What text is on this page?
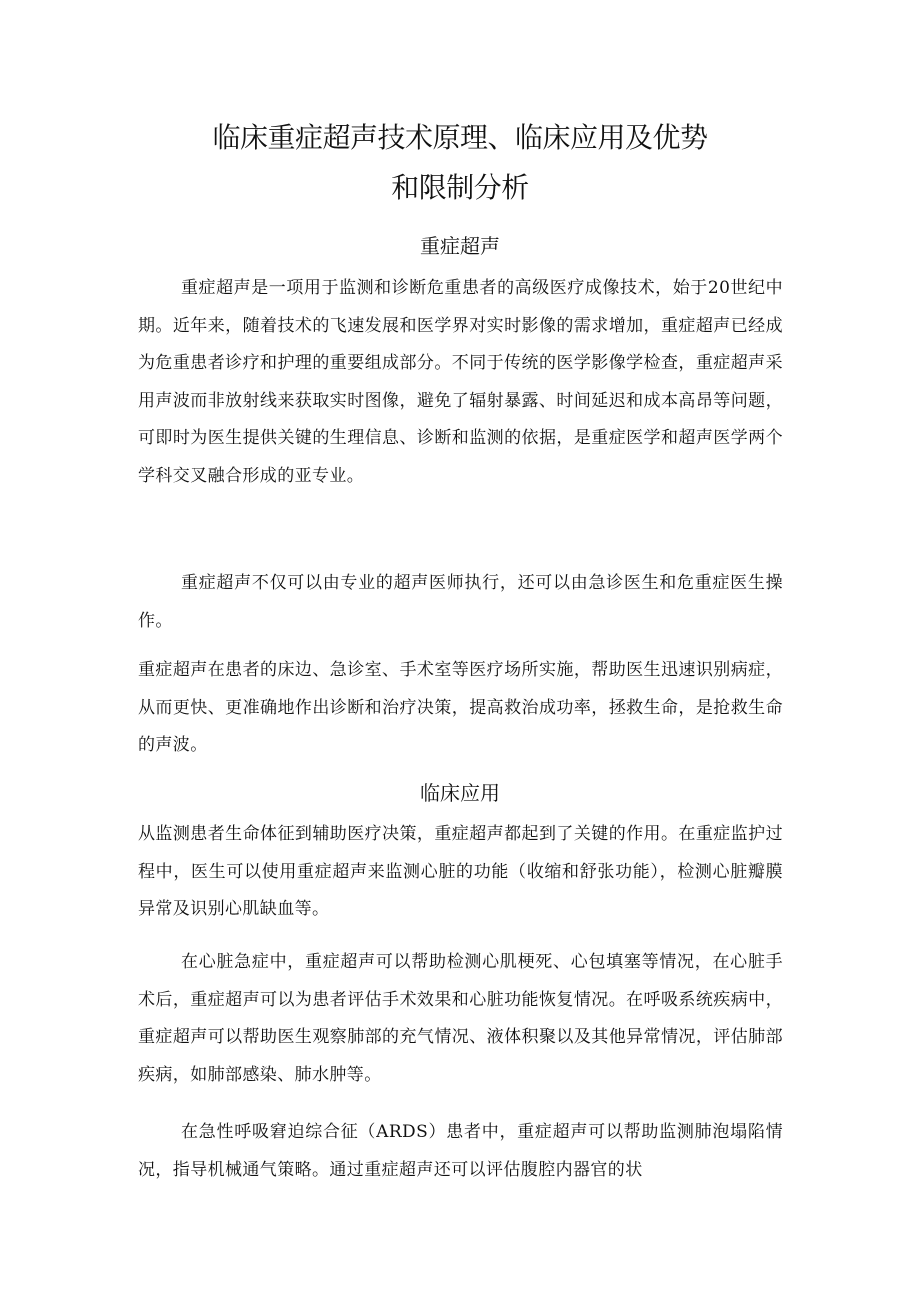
临床重症超声技术原理、临床应用及优势
和限制分析
重症超声

重症超声是一项用于监测和诊断危重患者的高级医疗成像技术，始于20世纪中期。近年来，随着技术的飞速发展和医学界对实时影像的需求增加，重症超声已经成为危重患者诊疗和护理的重要组成部分。不同于传统的医学影像学检查，重症超声采用声波而非放射线来获取实时图像，避免了辐射暴露、时间延迟和成本高昂等问题，可即时为医生提供关键的生理信息、诊断和监测的依据，是重症医学和超声医学两个学科交叉融合形成的亚专业。

重症超声不仅可以由专业的超声医师执行，还可以由急诊医生和危重症医生操作。

重症超声在患者的床边、急诊室、手术室等医疗场所实施，帮助医生迅速识别病症，从而更快、更准确地作出诊断和治疗决策，提高救治成功率，拯救生命，是抢救生命的声波。

临床应用

从监测患者生命体征到辅助医疗决策，重症超声都起到了关键的作用。在重症监护过程中，医生可以使用重症超声来监测心脏的功能（收缩和舒张功能），检测心脏瓣膜异常及识别心肌缺血等。

在心脏急症中，重症超声可以帮助检测心肌梗死、心包填塞等情况，在心脏手术后，重症超声可以为患者评估手术效果和心脏功能恢复情况。在呼吸系统疾病中，重症超声可以帮助医生观察肺部的充气情况、液体积聚以及其他异常情况，评估肺部疾病，如肺部感染、肺水肿等。

在急性呼吸窘迫综合征（ARDS）患者中，重症超声可以帮助监测肺泡塌陷情况，指导机械通气策略。通过重症超声还可以评估腹腔内器官的状
